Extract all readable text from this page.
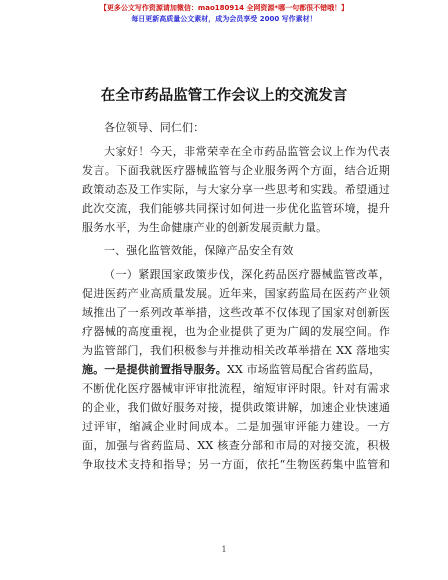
【更多公文写作资源请加微信：mao180914 全网资源*哪一句都很不错哦！】
每日更新高质量公文素材，成为会员享受 2000 写作素材！
在全市药品监管工作会议上的交流发言
各位领导、同仁们：
大家好！今天，非常荣幸在全市药品监管会议上作为代表
发言。下面我就医疗器械监管与企业服务两个方面，结合近期
政策动态及工作实际，与大家分享一些思考和实践。希望通过
此次交流，我们能够共同探讨如何进一步优化监管环境，提升
服务水平，为生命健康产业的创新发展贡献力量。
一、强化监管效能，保障产品安全有效
（一）紧跟国家政策步伐，深化药品医疗器械监管改革，
促进医药产业高质量发展。近年来，国家药监局在医药产业领
域推出了一系列改革举措，这些改革不仅体现了国家对创新医
疗器械的高度重视，也为企业提供了更为广阔的发展空间。作
为监管部门，我们积极参与并推动相关改革举措在 XX 落地实
施。一是提供前置指导服务。XX 市场监管局配合省药监局，
不断优化医疗器械审评审批流程，缩短审评时限。针对有需求
的企业，我们做好服务对接，提供政策讲解，加速企业快速通
过评审，缩减企业时间成本。二是加强审评能力建设。一方
面，加强与省药监局、XX 核查分部和市局的对接交流，积极
争取技术支持和指导；另一方面，依托“生物医药集中监管和
1
